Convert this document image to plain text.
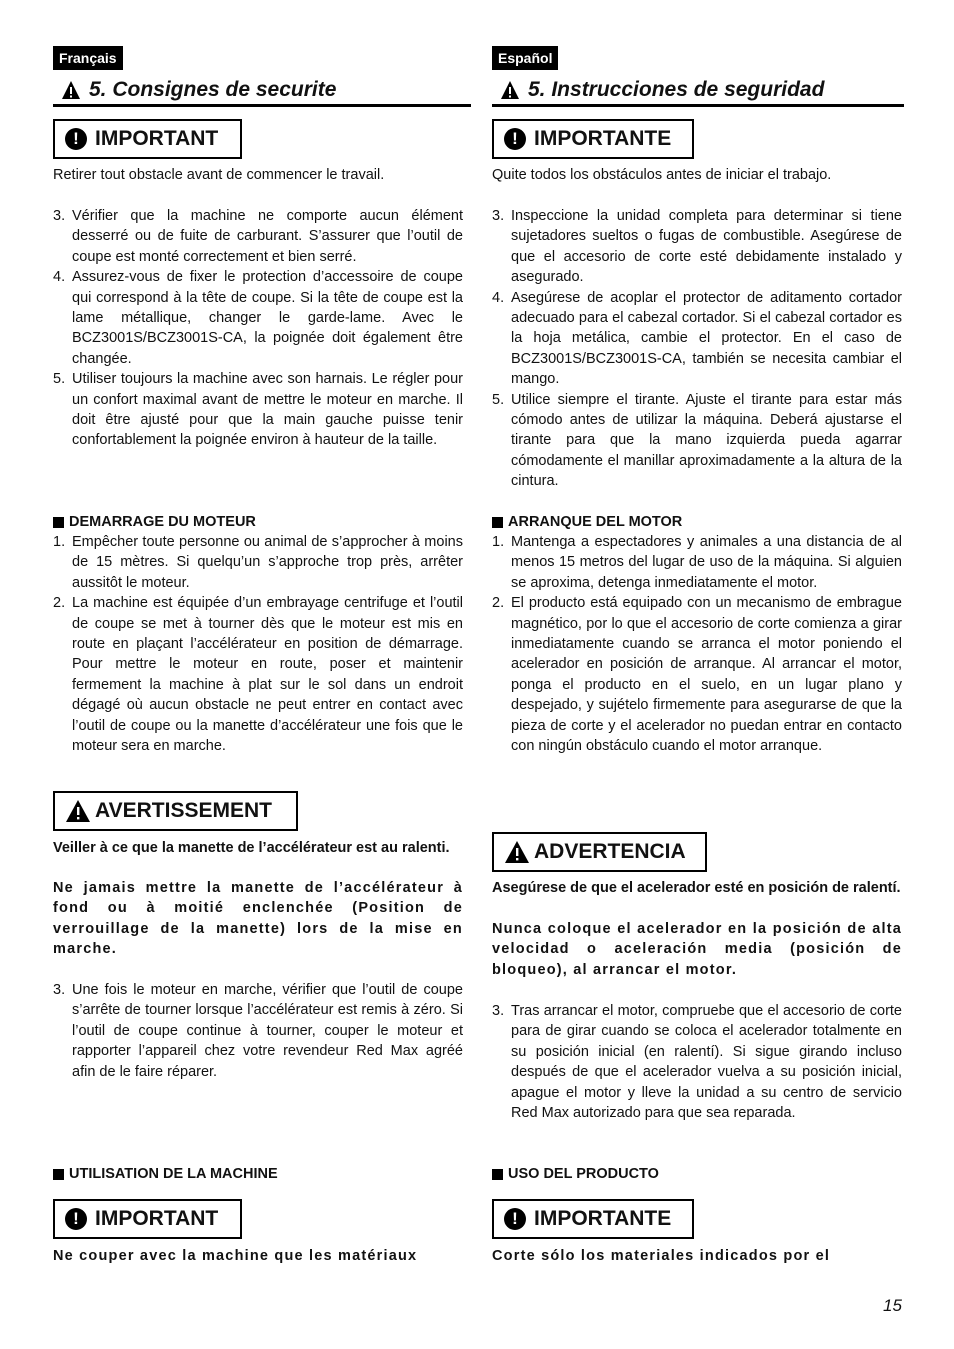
Français
5. Consignes de securite
! IMPORTANT
Retirer tout obstacle avant de commencer le travail.
3. Vérifier que la machine ne comporte aucun élément desserré ou de fuite de carburant. S’assurer que l’outil de coupe est monté correctement et bien serré.
4. Assurez-vous de fixer le protection d’accessoire de coupe qui correspond à la tête de coupe. Si la tête de coupe est la lame métallique, changer le garde-lame. Avec le BCZ3001S/BCZ3001S-CA, la poignée doit également être changée.
5. Utiliser toujours la machine avec son harnais. Le régler pour un confort maximal avant de mettre le moteur en marche. Il doit être ajusté pour que la main gauche puisse tenir confortablement la poignée environ à hauteur de la taille.
DEMARRAGE DU MOTEUR
1. Empêcher toute personne ou animal de s’approcher à moins de 15 mètres. Si quelqu’un s’approche trop près, arrêter aussitôt le moteur.
2. La machine est équipée d’un embrayage centrifuge et l’outil de coupe se met à tourner dès que le moteur est mis en route en plaçant l’accélérateur en position de démarrage. Pour mettre le moteur en route, poser et maintenir fermement la machine à plat sur le sol dans un endroit dégagé où aucun obstacle ne peut entrer en contact avec l’outil de coupe ou la manette d’accélérateur une fois que le moteur sera en marche.
AVERTISSEMENT
Veiller à ce que la manette de l’accélérateur est au ralenti.
Ne jamais mettre la manette de l’accélérateur à fond ou à moitié enclenchée (Position de verrouillage de la manette) lors de la mise en marche.
3. Une fois le moteur en marche, vérifier que l’outil de coupe s’arrête de tourner lorsque l’accélérateur est remis à zéro. Si l’outil de coupe continue à tourner, couper le moteur et rapporter l’appareil chez votre revendeur Red Max agréé afin de le faire réparer.
UTILISATION DE LA MACHINE
! IMPORTANT
Ne couper avec la machine que les matériaux
Español
5. Instrucciones de seguridad
! IMPORTANTE
Quite todos los obstáculos antes de iniciar el trabajo.
3. Inspeccione la unidad completa para determinar si tiene sujetadores sueltos o fugas de combustible. Asegúrese de que el accesorio de corte esté debidamente instalado y asegurado.
4. Asegúrese de acoplar el protector de aditamento cortador adecuado para el cabezal cortador. Si el cabezal cortador es la hoja metálica, cambie el protector. En el caso de BCZ3001S/BCZ3001S-CA, también se necesita cambiar el mango.
5. Utilice siempre el tirante. Ajuste el tirante para estar más cómodo antes de utilizar la máquina. Deberá ajustarse el tirante para que la mano izquierda pueda agarrar cómodamente el manillar aproximadamente a la altura de la cintura.
ARRANQUE DEL MOTOR
1. Mantenga a espectadores y animales a una distancia de al menos 15 metros del lugar de uso de la máquina. Si alguien se aproxima, detenga inmediatamente el motor.
2. El producto está equipado con un mecanismo de embrague magnético, por lo que el accesorio de corte comienza a girar inmediatamente cuando se arranca el motor poniendo el acelerador en posición de arranque. Al arrancar el motor, ponga el producto en el suelo, en un lugar plano y despejado, y sujételo firmemente para asegurarse de que la pieza de corte y el acelerador no puedan entrar en contacto con ningún obstáculo cuando el motor arranque.
ADVERTENCIA
Asegúrese de que el acelerador esté en posición de ralentí.
Nunca coloque el acelerador en la posición de alta velocidad o aceleración media (posición de bloqueo), al arrancar el motor.
3. Tras arrancar el motor, compruebe que el accesorio de corte para de girar cuando se coloca el acelerador totalmente en su posición inicial (en ralentí). Si sigue girando incluso después de que el acelerador vuelva a su posición inicial, apague el motor y lleve la unidad a su centro de servicio Red Max autorizado para que sea reparada.
USO DEL PRODUCTO
! IMPORTANTE
Corte sólo los materiales indicados por el
15
